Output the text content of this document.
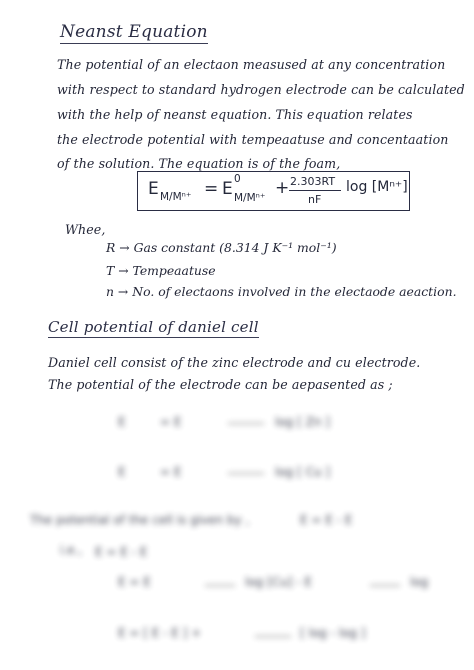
Neanst Equation
The potential of an electaon measused at any concentration
with respect to standard hydrogen electrode can be calculated
with the help of neanst equation. This equation relates
the electrode potential with tempeaatuse and concentaation
of the solution. The equation is of the foam,
E M/Mⁿ⁺ = E 0
M/Mⁿ⁺ + 2.303RT
nF
log [Mⁿ⁺]
Whee,
R → Gas constant (8.314 J K⁻¹ mol⁻¹)
T → Tempeaatuse
n → No. of electaons involved in the electaode aeaction.
Cell potential of daniel cell
Daniel cell consist of the zinc electrode and cu electrode.
The potential of the electrode can be aepasented as ;
E	= E	log [ Zn ]
E	= E	log [ Cu ]
The potential of the cell is given by ,	E = E - E
i.e., E = E - E
E = E	log [Cu] - E	log
E = [ E - E ] +	[ log - log ]
